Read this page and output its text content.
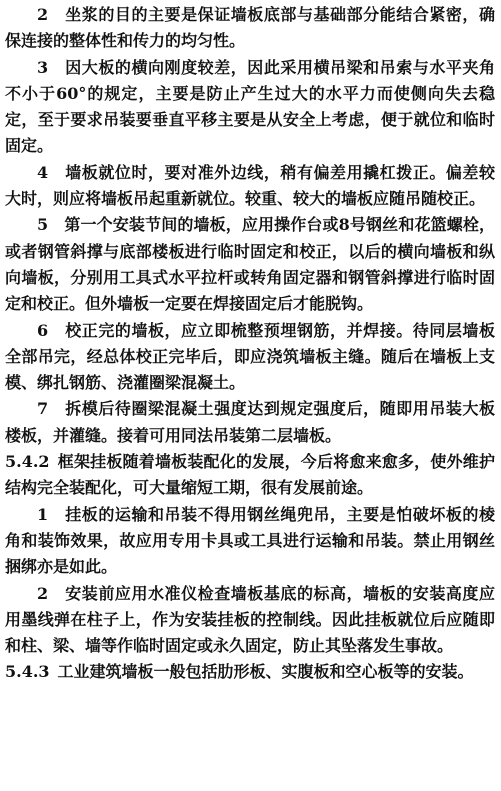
2　 坐浆的目的主要是保证墙板底部与基础部分能结合紧密，确保连接的整体性和传力的均匀性。

3　 因大板的横向刚度较差，因此采用横吊梁和吊索与水平夹角不小于60°的规定，主要是防止产生过大的水平力而使侧向失去稳定，至于要求吊装要垂直平移主要是从安全上考虑，便于就位和临时固定。

4　 墙板就位时，要对准外边线，稍有偏差用撬杠拨正。偏差较大时，则应将墙板吊起重新就位。较重、较大的墙板应随吊随校正。

5　 第一个安装节间的墙板，应用操作台或8号钢丝和花篮螺栓，或者钢管斜撑与底部楼板进行临时固定和校正，以后的横向墙板和纵向墙板，分别用工具式水平拉杆或转角固定器和钢管斜撑进行临时固定和校正。但外墙板一定要在焊接固定后才能脱钩。

6　 校正完的墙板，应立即梳整预埋钢筋，并焊接。待同层墙板全部吊完，经总体校正完毕后，即应浇筑墙板主缝。随后在墙板上支模、绑扎钢筋、浇灌圈梁混凝土。

7　 拆模后待圈梁混凝土强度达到规定强度后，随即用吊装大板楼板，并灌缝。接着可用同法吊装第二层墙板。

5.4.2 框架挂板随着墙板装配化的发展，今后将愈来愈多，使外维护结构完全装配化，可大量缩短工期，很有发展前途。

1　 挂板的运输和吊装不得用钢丝绳兜吊，主要是怕破坏板的棱角和装饰效果，故应用专用卡具或工具进行运输和吊装。禁止用钢丝捆绑亦是如此。

2　 安装前应用水准仪检查墙板基底的标高，墙板的安装高度应用墨线弹在柱子上，作为安装挂板的控制线。因此挂板就位后应随即和柱、梁、墙等作临时固定或永久固定，防止其坠落发生事故。

5.4.3 工业建筑墙板一般包括肋形板、实腹板和空心板等的安装。
